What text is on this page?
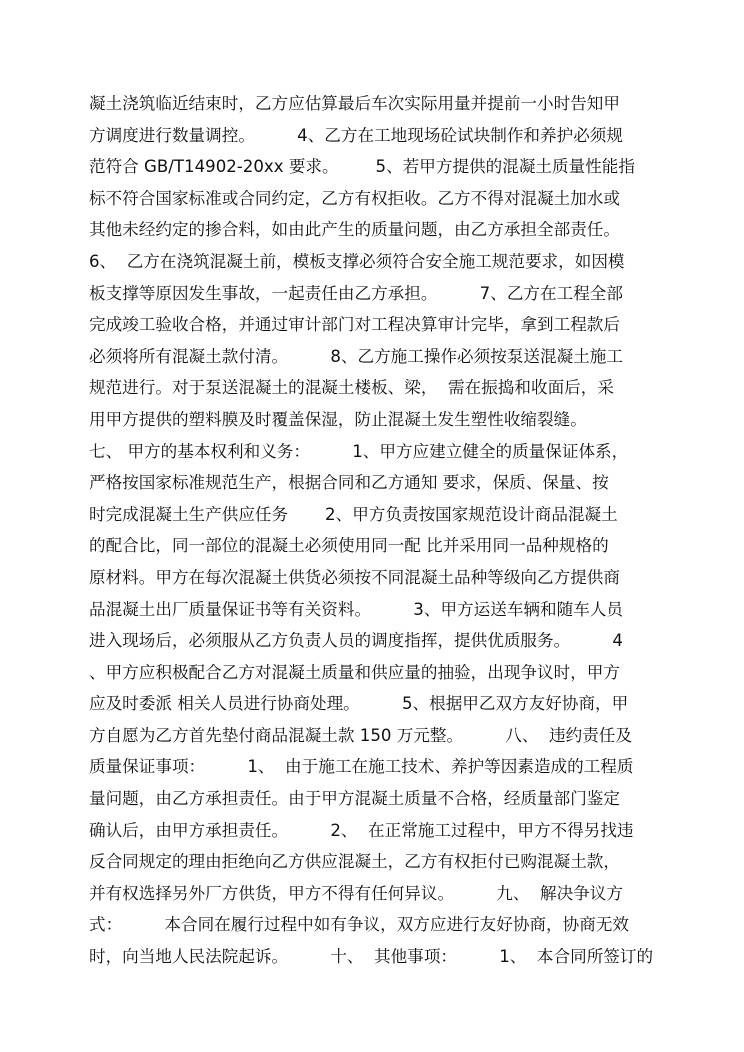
凝土浇筑临近结束时，乙方应估算最后车次实际用量并提前一小时告知甲
方调度进行数量调控。        4、乙方在工地现场砼试块制作和养护必须规
范符合 GB/T14902-20xx 要求。       5、若甲方提供的混凝土质量性能指
标不符合国家标准或合同约定，乙方有权拒收。乙方不得对混凝土加水或
其他未经约定的掺合料，如由此产生的质量问题，由乙方承担全部责任。
6、  乙方在浇筑混凝土前，模板支撑必须符合安全施工规范要求，如因模
板支撑等原因发生事故，一起责任由乙方承担。        7、乙方在工程全部
完成竣工验收合格，并通过审计部门对工程决算审计完毕，拿到工程款后
必须将所有混凝土款付清。        8、乙方施工操作必须按泵送混凝土施工
规范进行。对于泵送混凝土的混凝土楼板、梁，  需在振捣和收面后，采
用甲方提供的塑料膜及时覆盖保湿，防止混凝土发生塑性收缩裂缝。
七、 甲方的基本权利和义务：        1、甲方应建立健全的质量保证体系，
严格按国家标准规范生产，根据合同和乙方通知 要求，保质、保量、按
时完成混凝土生产供应任务       2、甲方负责按国家规范设计商品混凝土
的配合比，同一部位的混凝土必须使用同一配 比并采用同一品种规格的
原材料。甲方在每次混凝土供货必须按不同混凝土品种等级向乙方提供商
品混凝土出厂质量保证书等有关资料。        3、甲方运送车辆和随车人员
进入现场后，必须服从乙方负责人员的调度指挥，提供优质服务。        4
、甲方应积极配合乙方对混凝土质量和供应量的抽验，出现争议时，甲方
应及时委派 相关人员进行协商处理。        5、根据甲乙双方友好协商，甲
方自愿为乙方首先垫付商品混凝土款 150 万元整。        八、  违约责任及
质量保证事项：        1、  由于施工在施工技术、养护等因素造成的工程质
量问题，由乙方承担责任。由于甲方混凝土质量不合格，经质量部门鉴定
确认后，由甲方承担责任。        2、  在正常施工过程中，甲方不得另找违
反合同规定的理由拒绝向乙方供应混凝土，乙方有权拒付已购混凝土款，
并有权选择另外厂方供货，甲方不得有任何异议。        九、  解决争议方
式：        本合同在履行过程中如有争议，双方应进行友好协商，协商无效
时，向当地人民法院起诉。        十、  其他事项：        1、  本合同所签订的
